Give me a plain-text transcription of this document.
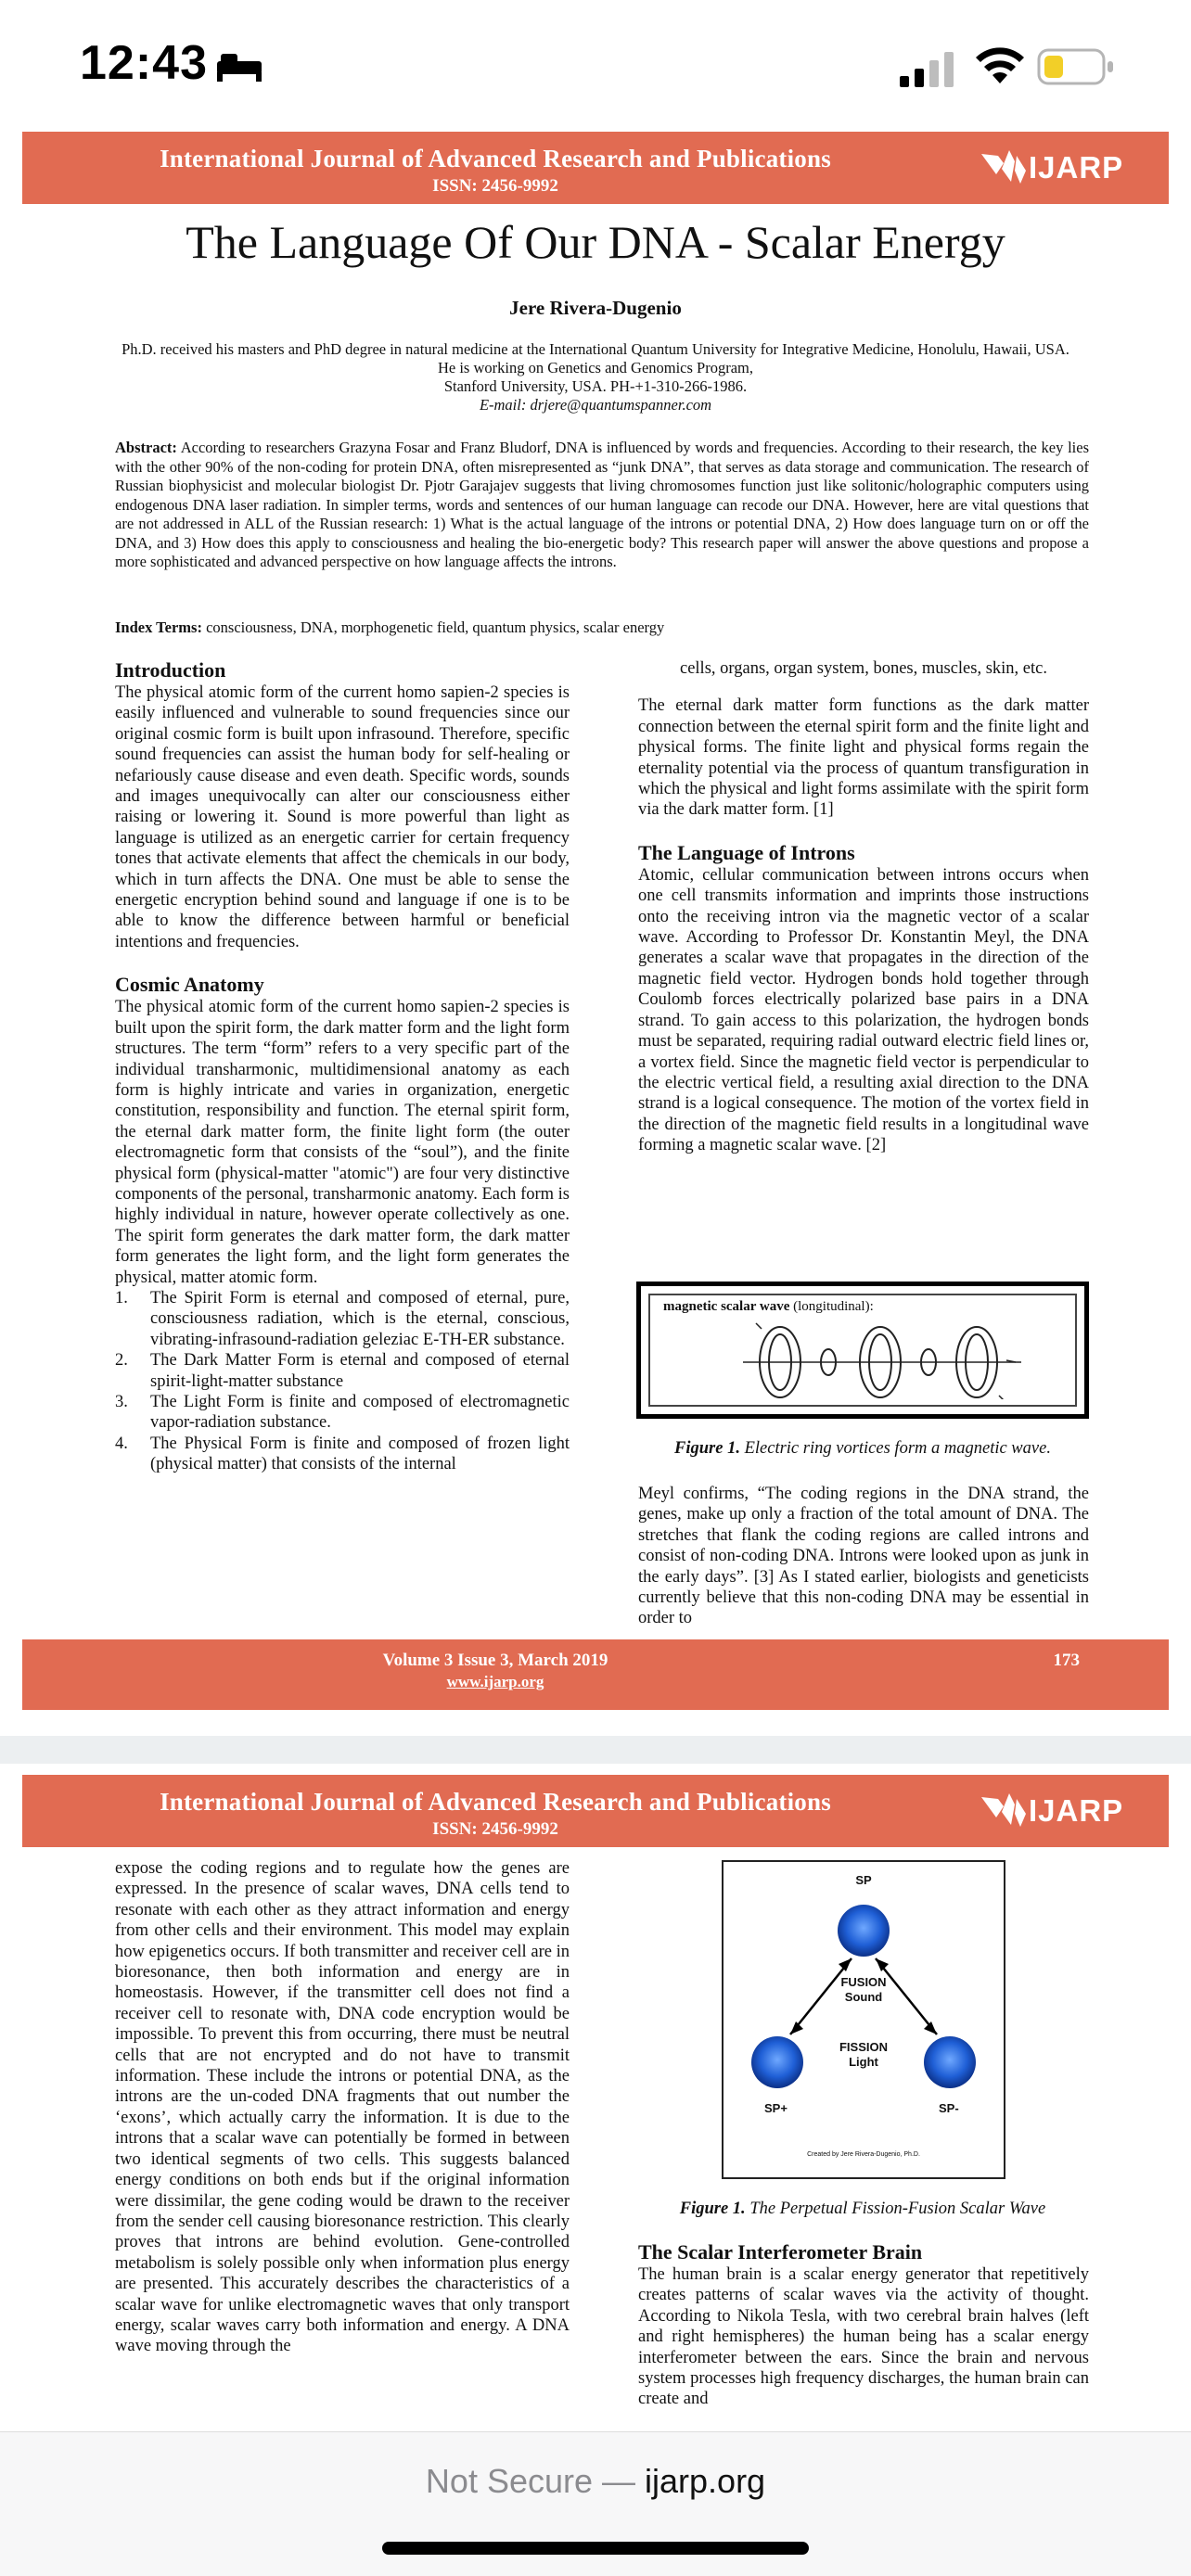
12:43
International Journal of Advanced Research and Publications
ISSN: 2456-9992
IJARP
The Language Of Our DNA - Scalar Energy
Jere Rivera-Dugenio
Ph.D. received his masters and PhD degree in natural medicine at the International Quantum University for Integrative Medicine, Honolulu, Hawaii, USA. He is working on Genetics and Genomics Program,
Stanford University, USA. PH-+1-310-266-1986.
E-mail: drjere@quantumspanner.com
Abstract: According to researchers Grazyna Fosar and Franz Bludorf, DNA is influenced by words and frequencies. According to their research, the key lies with the other 90% of the non-coding for protein DNA, often misrepresented as “junk DNA”, that serves as data storage and communication. The research of Russian biophysicist and molecular biologist Dr. Pjotr Garajajev suggests that living chromosomes function just like solitonic/holographic computers using endogenous DNA laser radiation. In simpler terms, words and sentences of our human language can recode our DNA. However, here are vital questions that are not addressed in ALL of the Russian research: 1) What is the actual language of the introns or potential DNA, 2) How does language turn on or off the DNA, and 3) How does this apply to consciousness and healing the bio-energetic body? This research paper will answer the above questions and propose a more sophisticated and advanced perspective on how language affects the introns.
Index Terms: consciousness, DNA, morphogenetic field, quantum physics, scalar energy
Introduction

The physical atomic form of the current homo sapien-2 species is easily influenced and vulnerable to sound frequencies since our original cosmic form is built upon infrasound. Therefore, specific sound frequencies can assist the human body for self-healing or nefariously cause disease and even death. Specific words, sounds and images unequivocally can alter our consciousness either raising or lowering it. Sound is more powerful than light as language is utilized as an energetic carrier for certain frequency tones that activate elements that affect the chemicals in our body, which in turn affects the DNA. One must be able to sense the energetic encryption behind sound and language if one is to be able to know the difference between harmful or beneficial intentions and frequencies.

Cosmic Anatomy

The physical atomic form of the current homo sapien-2 species is built upon the spirit form, the dark matter form and the light form structures. The term “form” refers to a very specific part of the individual transharmonic, multidimensional anatomy as each form is highly intricate and varies in organization, energetic constitution, responsibility and function. The eternal spirit form, the eternal dark matter form, the finite light form (the outer electromagnetic form that consists of the “soul”), and the finite physical form (physical-matter "atomic") are four very distinctive components of the personal, transharmonic anatomy. Each form is highly individual in nature, however operate collectively as one. The spirit form generates the dark matter form, the dark matter form generates the light form, and the light form generates the physical, matter atomic form.

1.	The Spirit Form is eternal and composed of eternal, pure, consciousness radiation, which is the eternal, conscious, vibrating-infrasound-radiation geleziac E-TH-ER substance.
2.	The Dark Matter Form is eternal and composed of eternal spirit-light-matter substance
3.	The Light Form is finite and composed of electromagnetic vapor-radiation substance.
4.	The Physical Form is finite and composed of frozen light (physical matter) that consists of the internal

cells, organs, organ system, bones, muscles, skin, etc.

The eternal dark matter form functions as the dark matter connection between the eternal spirit form and the finite light and physical forms. The finite light and physical forms regain the eternality potential via the process of quantum transfiguration in which the physical and light forms assimilate with the spirit form via the dark matter form. [1]

The Language of Introns

Atomic, cellular communication between introns occurs when one cell transmits information and imprints those instructions onto the receiving intron via the magnetic vector of a scalar wave. According to Professor Dr. Konstantin Meyl, the DNA generates a scalar wave that propagates in the direction of the magnetic field vector. Hydrogen bonds hold together through Coulomb forces electrically polarized base pairs in a DNA strand. To gain access to this polarization, the hydrogen bonds must be separated, requiring radial outward electric field lines or, a vortex field. Since the magnetic field vector is perpendicular to the electric vertical field, a resulting axial direction to the DNA strand is a logical consequence. The motion of the vortex field in the direction of the magnetic field results in a longitudinal wave forming a magnetic scalar wave. [2]

magnetic scalar wave (longitudinal):
Figure 1. Electric ring vortices form a magnetic wave.

Meyl confirms, “The coding regions in the DNA strand, the genes, make up only a fraction of the total amount of DNA. The stretches that flank the coding regions are called introns and consist of non-coding DNA. Introns were looked upon as junk in the early days”. [3] As I stated earlier, biologists and geneticists currently believe that this non-coding DNA may be essential in order to

Volume 3 Issue 3, March 2019
www.ijarp.org
173
International Journal of Advanced Research and Publications
ISSN: 2456-9992
IJARP

expose the coding regions and to regulate how the genes are expressed. In the presence of scalar waves, DNA cells tend to resonate with each other as they attract information and energy from other cells and their environment. This model may explain how epigenetics occurs. If both transmitter and receiver cell are in bioresonance, then both information and energy are in homeostasis. However, if the transmitter cell does not find a receiver cell to resonate with, DNA code encryption would be impossible. To prevent this from occurring, there must be neutral cells that are not encrypted and do not have to transmit information. These include the introns or potential DNA, as the introns are the un-coded DNA fragments that out number the ‘exons’, which actually carry the information. It is due to the introns that a scalar wave can potentially be formed in between two identical segments of two cells. This suggests balanced energy conditions on both ends but if the original information were dissimilar, the gene coding would be drawn to the receiver from the sender cell causing bioresonance restriction. This clearly proves that introns are behind evolution. Gene-controlled metabolism is solely possible only when information plus energy are presented. This accurately describes the characteristics of a scalar wave for unlike electromagnetic waves that only transport energy, scalar waves carry both information and energy. A DNA wave moving through the

SP
FUSION
Sound
FISSION
Light
SP+	SP-
Created by Jere Rivera-Dugenio, Ph.D.
Figure 1. The Perpetual Fission-Fusion Scalar Wave
The Scalar Interferometer Brain

The human brain is a scalar energy generator that repetitively creates patterns of scalar waves via the activity of thought. According to Nikola Tesla, with two cerebral brain halves (left and right hemispheres) the human being has a scalar energy interferometer between the ears. Since the brain and nervous system processes high frequency discharges, the human brain can create and

Not Secure — ijarp.org
